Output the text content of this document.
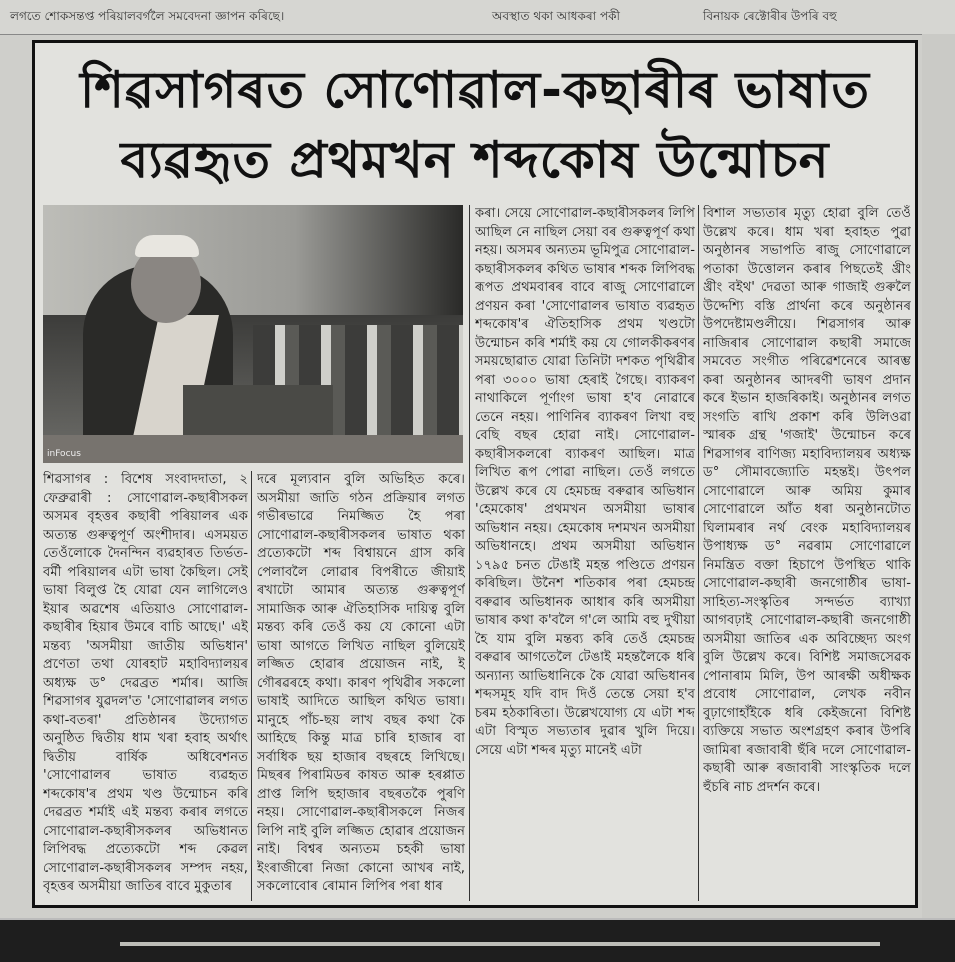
লগতে শোকসন্তপ্ত পৰিয়ালবৰ্গলৈ সমবেদনা জ্ঞাপন কৰিছে।	অবস্থাত থকা আধকৰা পকী	বিনায়ক ৰেক্টোৰীৰ উপৰি বহু
শিৱসাগৰত সোণোৱাল-কছাৰীৰ ভাষাত
ব্যৱহৃত প্ৰথমখন শব্দকোষ উন্মোচন
inFocus

শিৱসাগৰ : বিশেষ সংবাদদাতা, ২ ফেব্ৰুৱাৰী : সোণোৱাল-কছাৰীসকল অসমৰ বৃহত্তৰ কছাৰী পৰিয়ালৰ এক অত্যন্ত গুৰুত্বপূৰ্ণ অংশীদাৰ। এসময়ত তেওঁলোকে দৈনন্দিন ব্যৱহাৰত তিৰ্ভত-বৰ্মী পৰিয়ালৰ এটা ভাষা কৈছিল। সেই ভাষা বিলুপ্ত হৈ যোৱা যেন লাগিলেও ইয়াৰ অৱশেষ এতিয়াও সোণোৱাল-কছাৰীৰ হিয়াৰ উমৰে বাচি আছে।' এই মন্তব্য 'অসমীয়া জাতীয় অভিধান' প্ৰণেতা তথা যোৰহাট মহাবিদ্যালয়ৰ অধ্যক্ষ ড° দেৱব্ৰত শৰ্মাৰ। আজি শিৱসাগৰ যুৱদল'ত 'সোণোৱালৰ লগত কথা-বতৰা' প্ৰতিষ্ঠানৰ উদ্যোগত অনুষ্ঠিত দ্বিতীয় ধাম খৰা হবাহ অৰ্থাৎ দ্বিতীয় বাৰ্ষিক অধিবেশনত 'সোণোৱালৰ ভাষাত ব্যৱহৃত শব্দকোষ'ৰ প্ৰথম খণ্ড উন্মোচন কৰি দেৱব্ৰত শৰ্মাই এই মন্তব্য কৰাৰ লগতে সোণোৱাল-কছাৰীসকলৰ অভিধানত লিপিবদ্ধ প্ৰত্যেকটো শব্দ কেৱল সোণোৱাল-কছাৰীসকলৰ সম্পদ নহয়, বৃহত্তৰ অসমীয়া জাতিৰ বাবে মুকুতাৰ

দৰে মূল্যবান বুলি অভিহিত কৰে। অসমীয়া জাতি গঠন প্ৰক্ৰিয়াৰ লগত গভীৰভাৱে নিমজ্জিত হৈ পৰা সোণোৱাল-কছাৰীসকলৰ ভাষাত থকা প্ৰত্যেকটো শব্দ বিশ্বায়নে গ্ৰাস কৰি পেলাবলৈ লোৱাৰ বিপৰীতে জীয়াই ৰখাটো আমাৰ অত্যন্ত গুৰুত্বপূৰ্ণ সামাজিক আৰু ঐতিহাসিক দায়িত্ব বুলি মন্তব্য কৰি তেওঁ কয় যে কোনো এটা ভাষা আগতে লিখিত নাছিল বুলিয়েই লজ্জিত হোৱাৰ প্ৰয়োজন নাই, ই গৌৰৱৰহে কথা। কাৰণ পৃথিৱীৰ সকলো ভাষাই আদিতে আছিল কথিত ভাষা। মানুহে পাঁচ-ছয় লাখ বছৰ কথা কৈ আহিছে কিন্তু মাত্ৰ চাৰি হাজাৰ বা সৰ্বাধিক ছয় হাজাৰ বছৰহে লিখিছে। মিছৰৰ পিৰামিডৰ কাষত আৰু হৰপ্পাত প্ৰাপ্ত লিপি ছহাজাৰ বছৰতকৈ পুৰণি নহয়। সোণোৱাল-কছাৰীসকলে নিজৰ লিপি নাই বুলি লজ্জিত হোৱাৰ প্ৰয়োজন নাই। বিশ্বৰ অন্যতম চহকী ভাষা ইংৰাজীৰো নিজা কোনো আখৰ নাই, সকলোবোৰ ৰোমান লিপিৰ পৰা ধাৰ

কৰা। সেয়ে সোণোৱাল-কছাৰীসকলৰ লিপি আছিল নে নাছিল সেয়া বৰ গুৰুত্বপূৰ্ণ কথা নহয়। অসমৰ অন্যতম ভূমিপুত্ৰ সোণোৱাল-কছাৰীসকলৰ কথিত ভাষাৰ শব্দক লিপিবদ্ধ ৰূপত প্ৰথমবাৰৰ বাবে ৰাজু সোণোৱালে প্ৰণয়ন কৰা 'সোণোৱালৰ ভাষাত ব্যৱহৃত শব্দকোষ'ৰ ঐতিহাসিক প্ৰথম খণ্ডটো উন্মোচন কৰি শৰ্মাই কয় যে গোলকীকৰণৰ সময়ছোৱাত যোৱা তিনিটা দশকত পৃথিৱীৰ পৰা ৩০০০ ভাষা হেৰাই গৈছে। ব্যাকৰণ নাথাকিলে পূৰ্ণাংগ ভাষা হ'ব নোৱাৰে তেনে নহয়। পাণিনিৰ ব্যাকৰণ লিখা বহু বেছি বছৰ হোৱা নাই। সোণোৱাল-কছাৰীসকলৰো ব্যাকৰণ আছিল। মাত্ৰ লিখিত ৰূপ পোৱা নাছিল। তেওঁ লগতে উল্লেখ কৰে যে হেমচন্দ্ৰ বৰুৱাৰ অভিধান 'হেমকোষ' প্ৰথমখন অসমীয়া ভাষাৰ অভিধান নহয়। হেমকোষ দশমখন অসমীয়া অভিধানহে। প্ৰথম অসমীয়া অভিধান ১৭৯৫ চনত টেঙাই মহন্ত পণ্ডিতে প্ৰণয়ন কৰিছিল। উনৈশ শতিকাৰ পৰা হেমচন্দ্ৰ বৰুৱাৰ অভিধানক আধাৰ কৰি অসমীয়া ভাষাৰ কথা ক'বলৈ গ'লে আমি বহু দুখীয়া হৈ যাম বুলি মন্তব্য কৰি তেওঁ হেমচন্দ্ৰ বৰুৱাৰ আগতেলৈ টেঙাই মহন্তলৈকে ধৰি অন্যান্য আভিধানিকে কৈ যোৱা অভিধানৰ শব্দসমূহ যদি বাদ দিওঁ তেন্তে সেয়া হ'ব চৰম হঠকাৰিতা। উল্লেখযোগ্য যে এটা শব্দ এটা বিস্মৃত সভ্যতাৰ দুৱাৰ খুলি দিয়ে। সেয়ে এটা শব্দৰ মৃত্যু মানেই এটা

বিশাল সভ্যতাৰ মৃত্যু হোৱা বুলি তেওঁ উল্লেখ কৰে। ধাম খৰা হবাহত পুৱা অনুষ্ঠানৰ সভাপতি ৰাজু সোণোৱালে পতাকা উত্তোলন কৰাৰ পিছতেই খ্ৰীং খ্ৰীং বইথ' দেৱতা আৰু গাজাই গুৰুলৈ উদ্দেশ্যি বস্তি প্ৰাৰ্থনা কৰে অনুষ্ঠানৰ উপদেষ্টামণ্ডলীয়ে। শিৱসাগৰ আৰু নাজিৰাৰ সোণোৱাল কছাৰী সমাজে সমবেত সংগীত পৰিৱেশনেৰে আৰম্ভ কৰা অনুষ্ঠানৰ আদৰণী ভাষণ প্ৰদান কৰে ইভান হাজৰিকাই। অনুষ্ঠানৰ লগত সংগতি ৰাখি প্ৰকাশ কৰি উলিওৱা স্মাৰক গ্ৰন্থ 'গজাই' উন্মোচন কৰে শিৱসাগৰ বাণিজ্য মহাবিদ্যালয়ৰ অধ্যক্ষ ড° সৌমাবজ্যোতি মহন্তই। উৎপল সোণোৱালে আৰু অমিয় কুমাৰ সোণোৱালে আঁত ধৰা অনুষ্ঠানটোত ঘিলামৰাৰ নৰ্থ বেংক মহাবিদ্যালয়ৰ উপাধ্যক্ষ ড° নৱৰাম সোণোৱালে নিমন্ত্ৰিত বক্তা হিচাপে উপস্থিত থাকি সোণোৱাল-কছাৰী জনগোষ্ঠীৰ ভাষা-সাহিত্য-সংস্কৃতিৰ সন্দৰ্ভত ব্যাখ্যা আগবঢ়াই সোণোৱাল-কছাৰী জনগোষ্ঠী অসমীয়া জাতিৰ এক অবিচ্ছেদ্য অংগ বুলি উল্লেখ কৰে। বিশিষ্ট সমাজসেৱক পোনাৰাম মিলি, উপ আৰক্ষী অধীক্ষক প্ৰবোধ সোণোৱাল, লেখক নবীন বুঢ়াগোহাঁইকে ধৰি কেইজনো বিশিষ্ট ব্যক্তিয়ে সভাত অংশগ্ৰহণ কৰাৰ উপৰি জামিৰা ৰজাবাৰী ছঁৰি দলে সোণোৱাল-কছাৰী আৰু ৰজাবাৰী সাংস্কৃতিক দলে হুঁচৰি নাচ প্ৰদৰ্শন কৰে।
